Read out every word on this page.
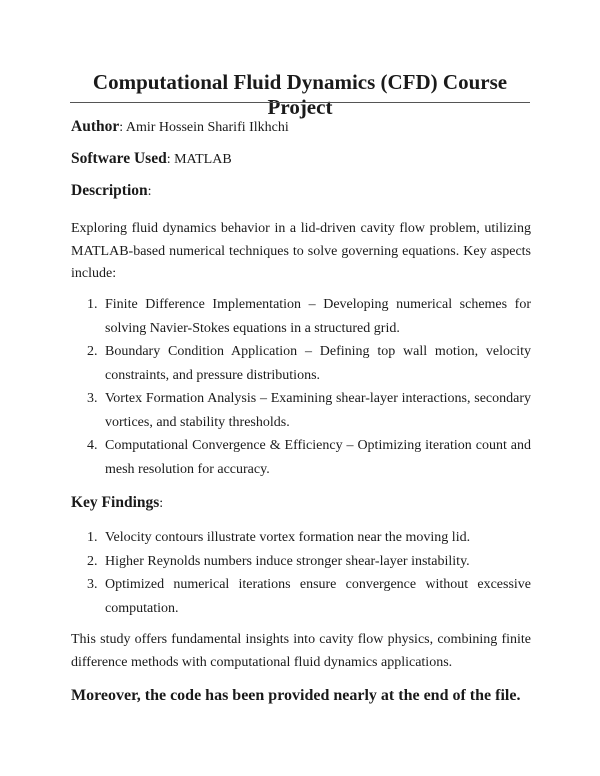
Computational Fluid Dynamics (CFD) Course Project

Author: Amir Hossein Sharifi Ilkhchi

Software Used: MATLAB

Description:

Exploring fluid dynamics behavior in a lid-driven cavity flow problem, utilizing MATLAB-based numerical techniques to solve governing equations. Key aspects include:

1. Finite Difference Implementation – Developing numerical schemes for solving Navier-Stokes equations in a structured grid.
2. Boundary Condition Application – Defining top wall motion, velocity constraints, and pressure distributions.
3. Vortex Formation Analysis – Examining shear-layer interactions, secondary vortices, and stability thresholds.
4. Computational Convergence & Efficiency – Optimizing iteration count and mesh resolution for accuracy.
Key Findings:
1. Velocity contours illustrate vortex formation near the moving lid.
2. Higher Reynolds numbers induce stronger shear-layer instability.
3. Optimized numerical iterations ensure convergence without excessive computation.

This study offers fundamental insights into cavity flow physics, combining finite difference methods with computational fluid dynamics applications.

Moreover, the code has been provided nearly at the end of the file.
